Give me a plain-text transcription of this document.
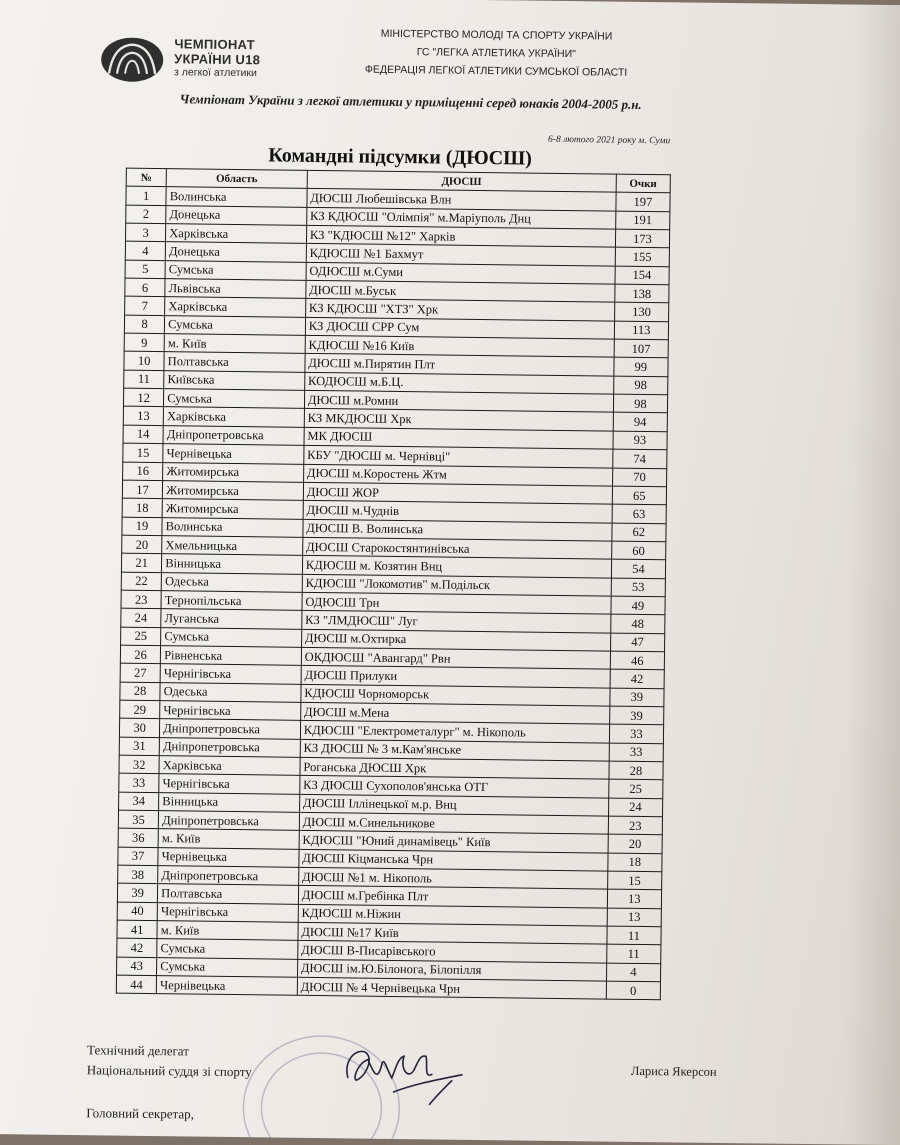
ЧЕМПІОНАТ
УКРАЇНИ U18
з легкої атлетики
МІНІСТЕРСТВО МОЛОДІ ТА СПОРТУ УКРАЇНИ
ГС "ЛЕГКА АТЛЕТИКА УКРАЇНИ"
ФЕДЕРАЦІЯ ЛЕГКОЇ АТЛЕТИКИ СУМСЬКОЇ ОБЛАСТІ
Чемпіонат України з легкої атлетики у приміщенні серед юнаків 2004-2005 р.н.
6-8 лютого 2021 року м. Суми
Командні підсумки (ДЮСШ)
№	Область	ДЮСШ	Очки
1	Волинська	ДЮСШ Любешівська Влн	197
2	Донецька	КЗ КДЮСШ "Олімпія" м.Маріуполь Днц	191
3	Харківська	КЗ "КДЮСШ №12" Харків	173
4	Донецька	КДЮСШ №1 Бахмут	155
5	Сумська	ОДЮСШ м.Суми	154
6	Львівська	ДЮСШ м.Буськ	138
7	Харківська	КЗ КДЮСШ "ХТЗ" Хрк	130
8	Сумська	КЗ ДЮСШ СРР Сум	113
9	м. Київ	КДЮСШ №16 Київ	107
10	Полтавська	ДЮСШ м.Пирятин Плт	99
11	Київська	КОДЮСШ м.Б.Ц.	98
12	Сумська	ДЮСШ м.Ромни	98
13	Харківська	КЗ МКДЮСШ Хрк	94
14	Дніпропетровська	МК ДЮСШ	93
15	Чернівецька	КБУ "ДЮСШ м. Чернівці"	74
16	Житомирська	ДЮСШ м.Коростень Жтм	70
17	Житомирська	ДЮСШ ЖОР	65
18	Житомирська	ДЮСШ м.Чуднів	63
19	Волинська	ДЮСШ В. Волинська	62
20	Хмельницька	ДЮСШ Старокостянтинівська	60
21	Вінницька	КДЮСШ м. Козятин Внц	54
22	Одеська	КДЮСШ "Локомотив" м.Подільск	53
23	Тернопільська	ОДЮСШ Трн	49
24	Луганська	КЗ "ЛМДЮСШ" Луг	48
25	Сумська	ДЮСШ м.Охтирка	47
26	Рівненська	ОКДЮСШ "Авангард" Рвн	46
27	Чернігівська	ДЮСШ Прилуки	42
28	Одеська	КДЮСШ Чорноморськ	39
29	Чернігівська	ДЮСШ м.Мена	39
30	Дніпропетровська	КДЮСШ "Електрометалург" м. Нікополь	33
31	Дніпропетровська	КЗ ДЮСШ № 3 м.Кам'янське	33
32	Харківська	Роганська ДЮСШ Хрк	28
33	Чернігівська	КЗ ДЮСШ Сухополов'янська ОТГ	25
34	Вінницька	ДЮСШ Іллінецької м.р. Внц	24
35	Дніпропетровська	ДЮСШ м.Синельникове	23
36	м. Київ	КДЮСШ "Юний динамівець" Київ	20
37	Чернівецька	ДЮСШ Кіцманська Чрн	18
38	Дніпропетровська	ДЮСШ №1 м. Нікополь	15
39	Полтавська	ДЮСШ м.Гребінка Плт	13
40	Чернігівська	КДЮСШ м.Ніжин	13
41	м. Київ	ДЮСШ №17 Київ	11
42	Сумська	ДЮСШ В-Писарівського	11
43	Сумська	ДЮСШ ім.Ю.Білонога, Білопілля	4
44	Чернівецька	ДЮСШ № 4 Чернівецька Чрн	0
Технічний делегат
Національний суддя зі спорту	Лариса Якерсон
Головний секретар,
